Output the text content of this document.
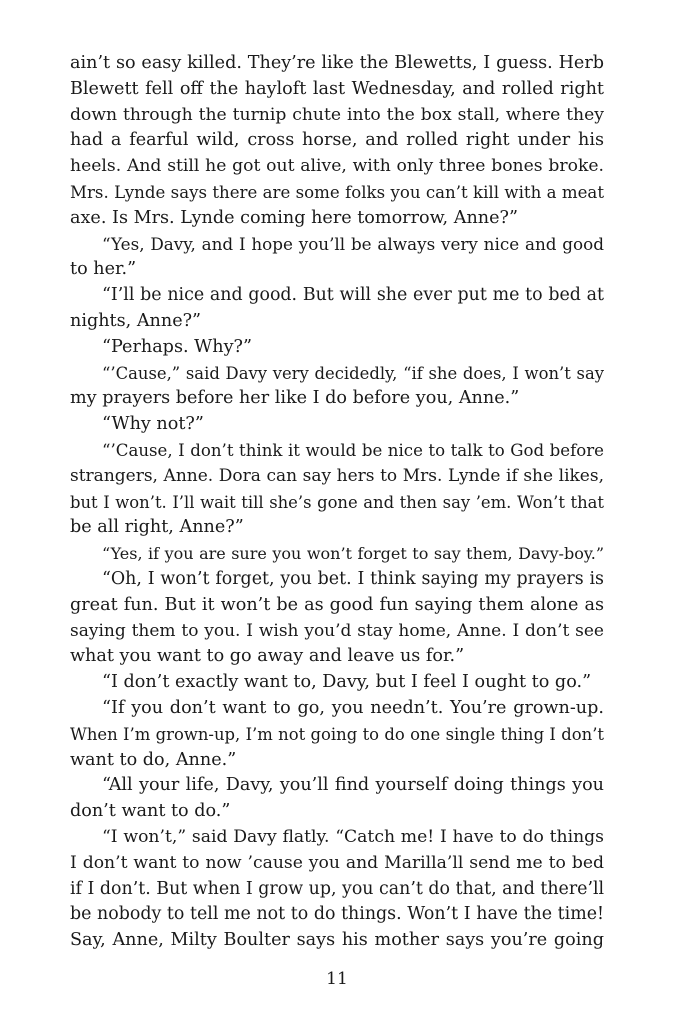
ain’t so easy killed. They’re like the Blewetts, I guess. Herb
Blewett fell off the hayloft last Wednesday, and rolled right
down through the turnip chute into the box stall, where they
had a fearful wild, cross horse, and rolled right under his
heels. And still he got out alive, with only three bones broke.
Mrs. Lynde says there are some folks you can’t kill with a meat
axe. Is Mrs. Lynde coming here tomorrow, Anne?”
“Yes, Davy, and I hope you’ll be always very nice and good
to her.”
“I’ll be nice and good. But will she ever put me to bed at
nights, Anne?”
“Perhaps. Why?”
“’Cause,” said Davy very decidedly, “if she does, I won’t say
my prayers before her like I do before you, Anne.”
“Why not?”
“’Cause, I don’t think it would be nice to talk to God before
strangers, Anne. Dora can say hers to Mrs. Lynde if she likes,
but I won’t. I’ll wait till she’s gone and then say ’em. Won’t that
be all right, Anne?”
“Yes, if you are sure you won’t forget to say them, Davy-boy.”
“Oh, I won’t forget, you bet. I think saying my prayers is
great fun. But it won’t be as good fun saying them alone as
saying them to you. I wish you’d stay home, Anne. I don’t see
what you want to go away and leave us for.”
“I don’t exactly want to, Davy, but I feel I ought to go.”
“If you don’t want to go, you needn’t. You’re grown-up.
When I’m grown-up, I’m not going to do one single thing I don’t
want to do, Anne.”
“All your life, Davy, you’ll find yourself doing things you
don’t want to do.”
“I won’t,” said Davy flatly. “Catch me! I have to do things
I don’t want to now ’cause you and Marilla’ll send me to bed
if I don’t. But when I grow up, you can’t do that, and there’ll
be nobody to tell me not to do things. Won’t I have the time!
Say, Anne, Milty Boulter says his mother says you’re going
11
